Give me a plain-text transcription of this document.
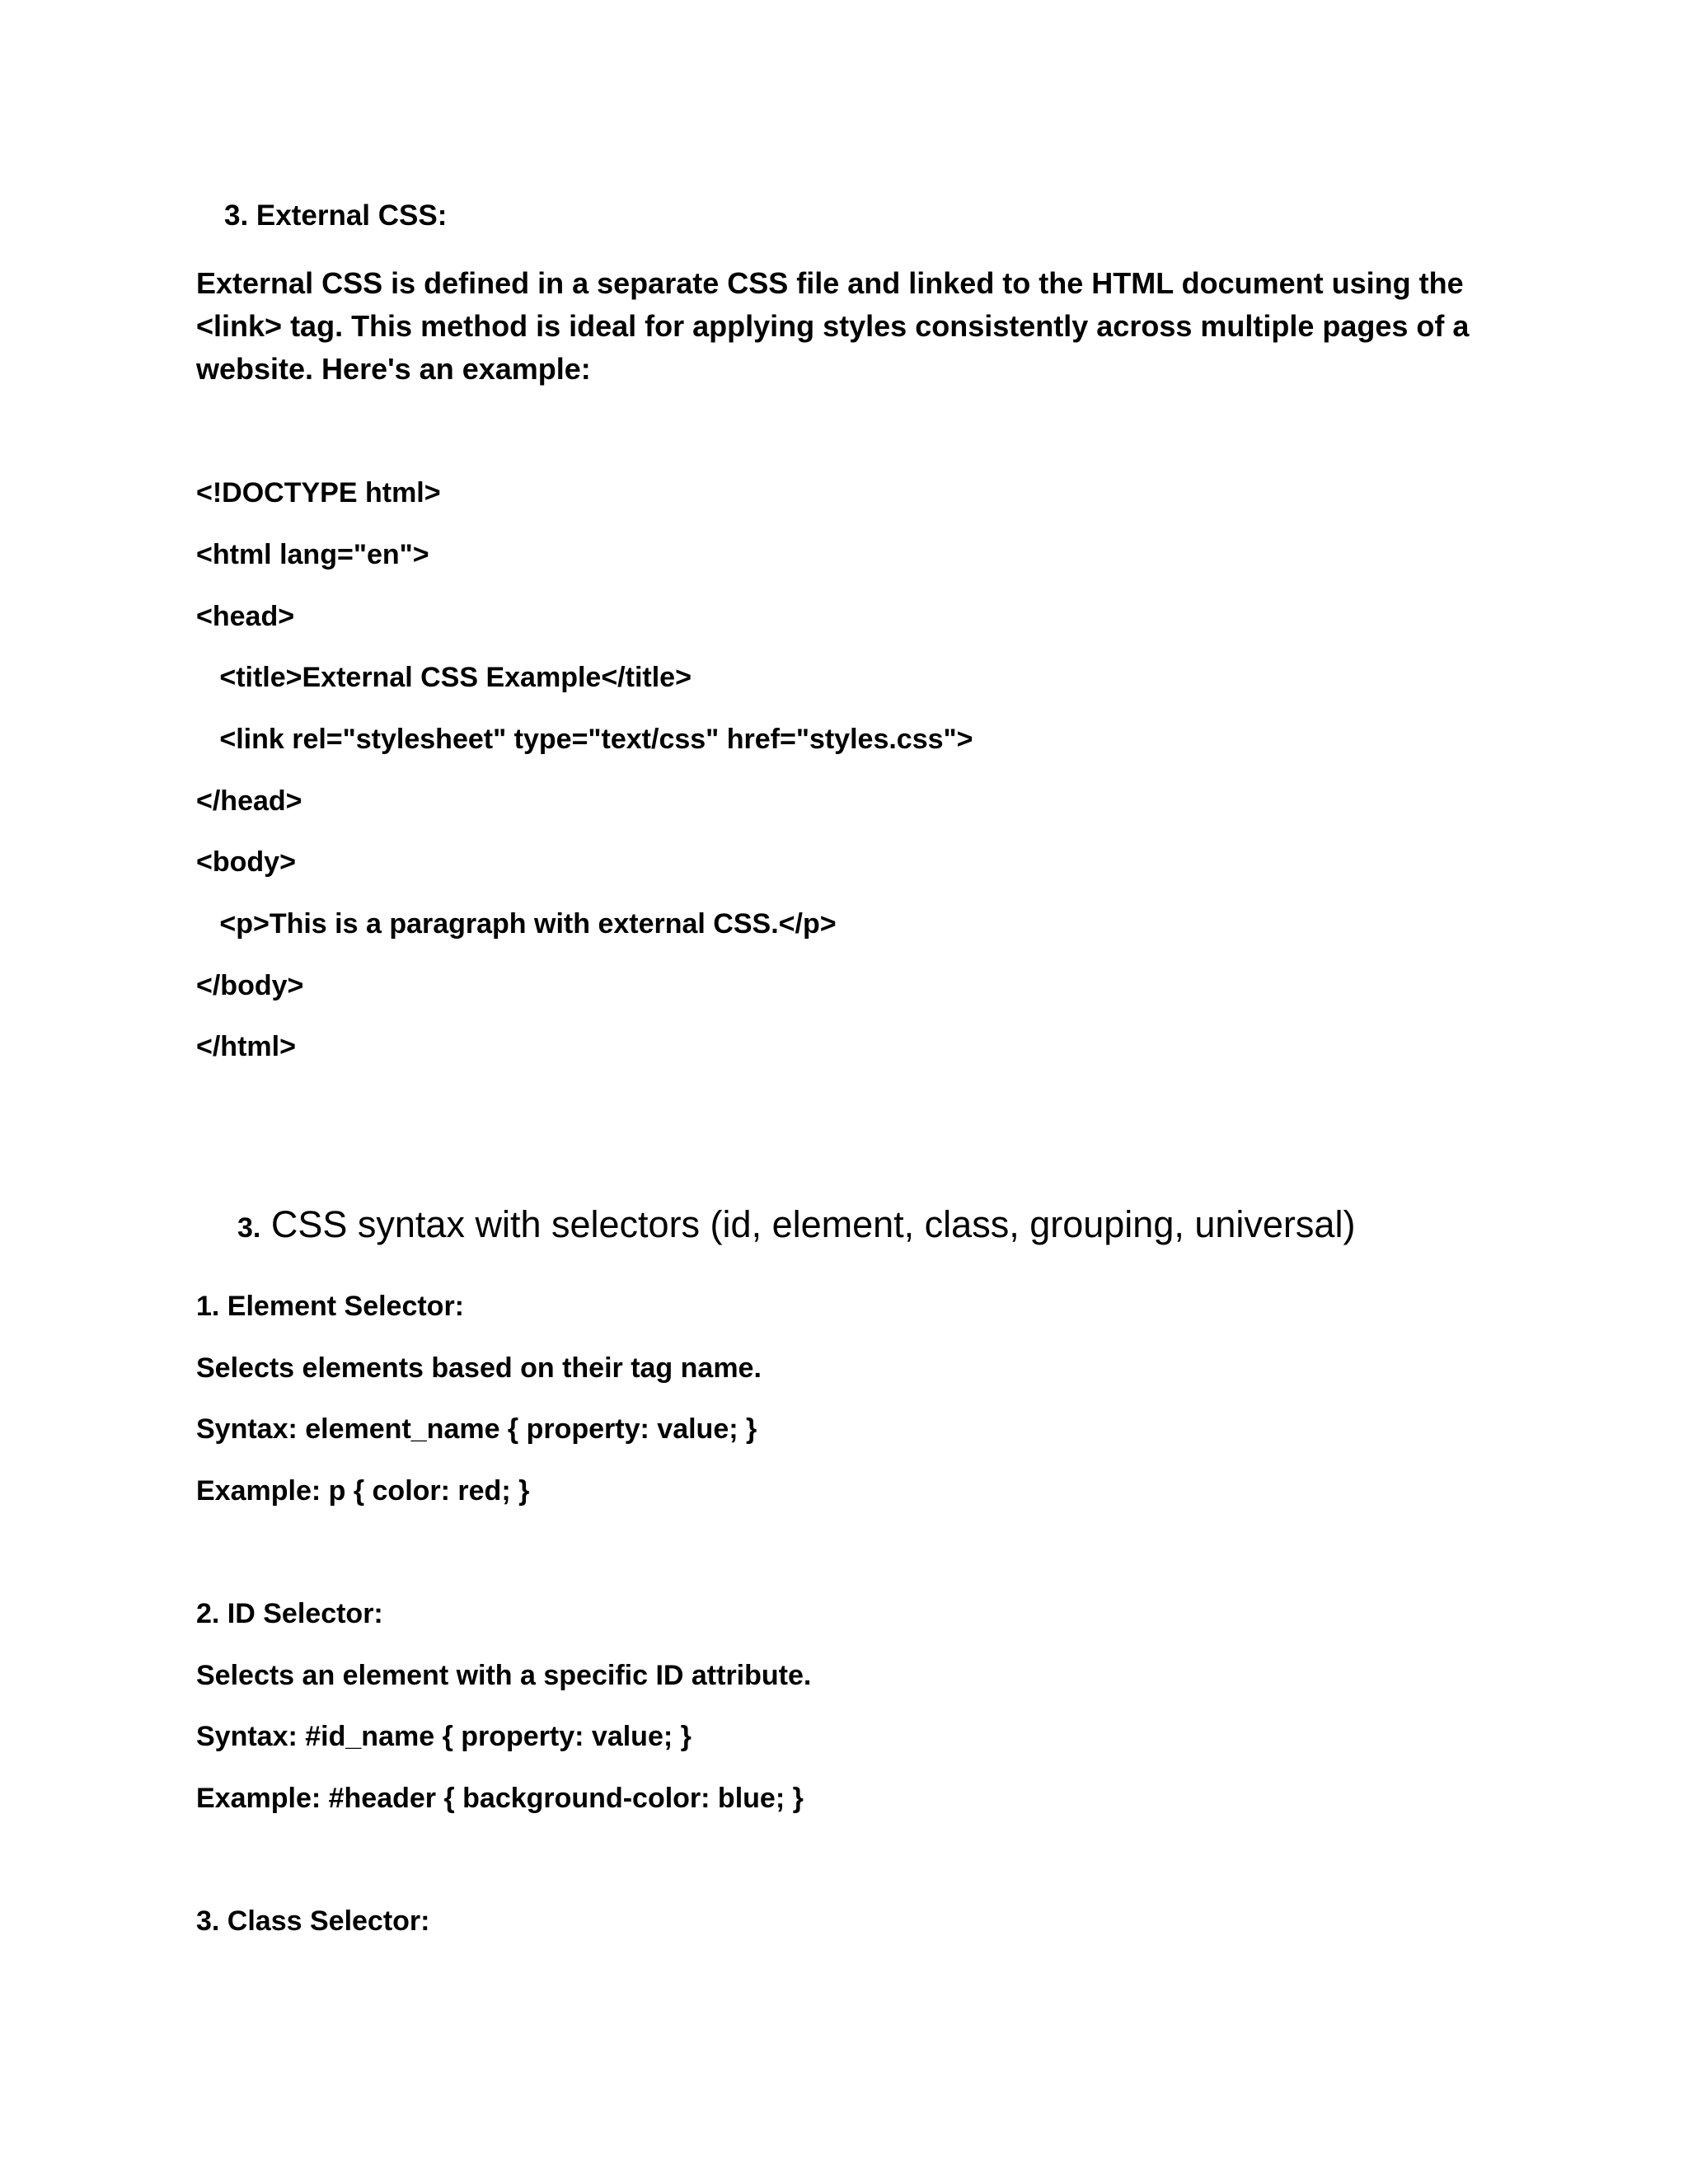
3. External CSS:
External CSS is defined in a separate CSS file and linked to the HTML document using the
<link> tag. This method is ideal for applying styles consistently across multiple pages of a
website. Here's an example:
<!DOCTYPE html>
<html lang="en">
<head>
<title>External CSS Example</title>
<link rel="stylesheet" type="text/css" href="styles.css">
</head>
<body>
<p>This is a paragraph with external CSS.</p>
</body>
</html>

3. CSS syntax with selectors (id, element, class, grouping, universal)

1. Element Selector:
Selects elements based on their tag name.
Syntax: element_name { property: value; }
Example: p { color: red; }
2. ID Selector:
Selects an element with a specific ID attribute.
Syntax: #id_name { property: value; }
Example: #header { background-color: blue; }
3. Class Selector:
